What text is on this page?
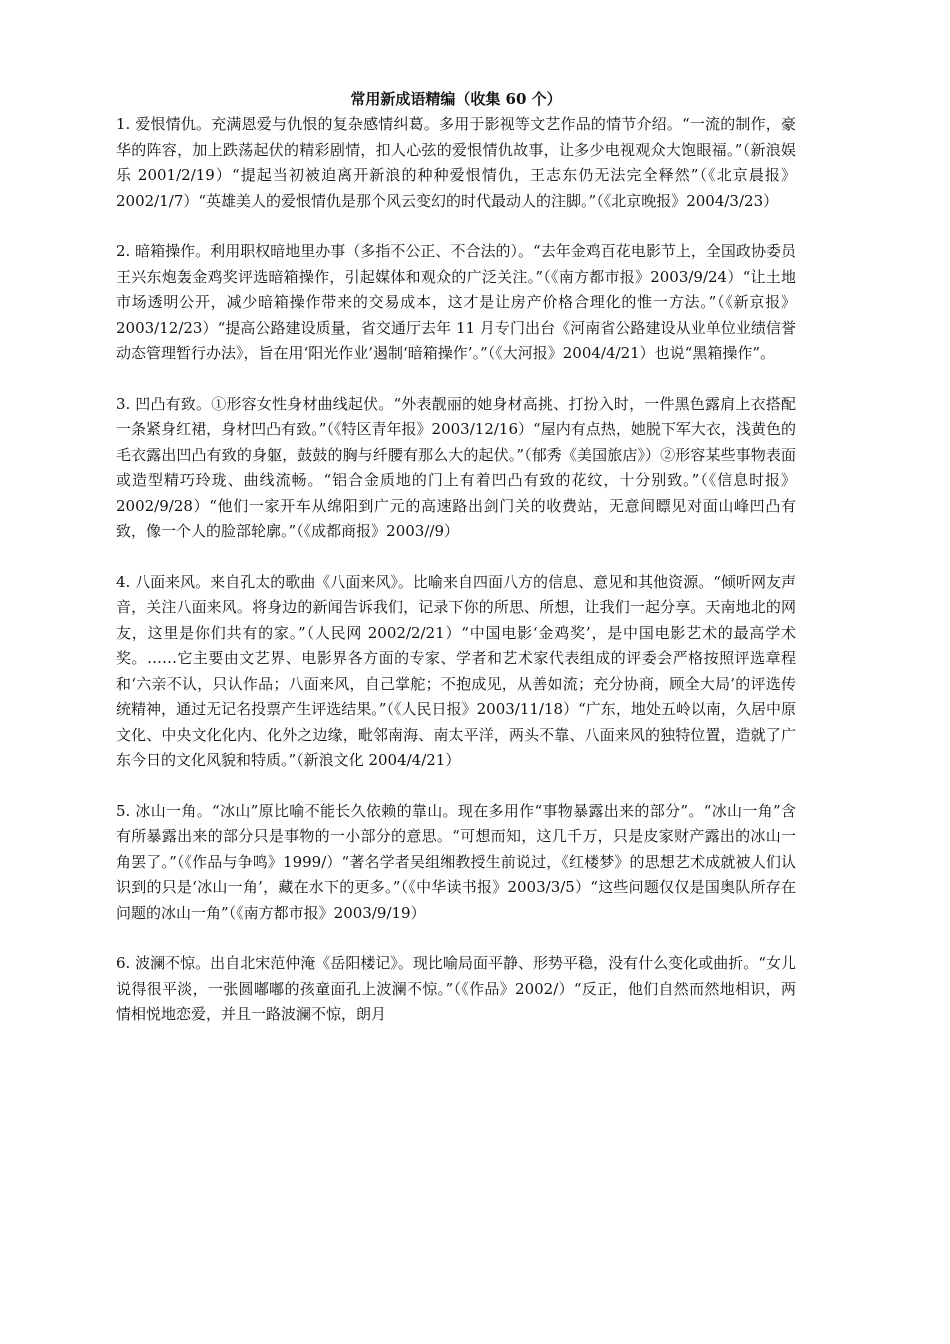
常用新成语精编（收集 60 个）

1. 爱恨情仇。充满恩爱与仇恨的复杂感情纠葛。多用于影视等文艺作品的情节介绍。“一流的制作，豪华的阵容，加上跌荡起伏的精彩剧情，扣人心弦的爱恨情仇故事，让多少电视观众大饱眼福。”（新浪娱乐 2001/2/19）“提起当初被迫离开新浪的种种爱恨情仇，王志东仍无法完全释然”（《北京晨报》2002/1/7）“英雄美人的爱恨情仇是那个风云变幻的时代最动人的注脚。”（《北京晚报》2004/3/23）

2. 暗箱操作。利用职权暗地里办事（多指不公正、不合法的）。“去年金鸡百花电影节上，全国政协委员王兴东炮轰金鸡奖评选暗箱操作，引起媒体和观众的广泛关注。”（《南方都市报》2003/9/24）“让土地市场透明公开，减少暗箱操作带来的交易成本，这才是让房产价格合理化的惟一方法。”（《新京报》2003/12/23）“提高公路建设质量，省交通厅去年 11 月专门出台《河南省公路建设从业单位业绩信誉动态管理暂行办法》，旨在用‘阳光作业’遏制‘暗箱操作’。”（《大河报》2004/4/21）也说“黑箱操作”。

3. 凹凸有致。①形容女性身材曲线起伏。“外表靓丽的她身材高挑、打扮入时，一件黑色露肩上衣搭配一条紧身红裙，身材凹凸有致。”（《特区青年报》2003/12/16）“屋内有点热，她脱下军大衣，浅黄色的毛衣露出凹凸有致的身躯，鼓鼓的胸与纤腰有那么大的起伏。”（郁秀《美国旅店》）②形容某些事物表面或造型精巧玲珑、曲线流畅。“铝合金质地的门上有着凹凸有致的花纹，十分别致。”（《信息时报》 2002/9/28）“他们一家开车从绵阳到广元的高速路出剑门关的收费站，无意间瞟见对面山峰凹凸有致，像一个人的脸部轮廓。”（《成都商报》2003//9）

4. 八面来风。来自孔太的歌曲《八面来风》。比喻来自四面八方的信息、意见和其他资源。“倾听网友声音，关注八面来风。将身边的新闻告诉我们，记录下你的所思、所想，让我们一起分享。天南地北的网友，这里是你们共有的家。”（人民网 2002/2/21）“中国电影‘金鸡奖’，是中国电影艺术的最高学术奖。……它主要由文艺界、电影界各方面的专家、学者和艺术家代表组成的评委会严格按照评选章程和‘六亲不认，只认作品；八面来风，自己掌舵；不抱成见，从善如流；充分协商，顾全大局’的评选传统精神，通过无记名投票产生评选结果。”（《人民日报》2003/11/18）“广东，地处五岭以南，久居中原文化、中央文化化内、化外之边缘，毗邻南海、南太平洋，两头不靠、八面来风的独特位置，造就了广东今日的文化风貌和特质。”（新浪文化 2004/4/21）

5. 冰山一角。“冰山”原比喻不能长久依赖的靠山。现在多用作“事物暴露出来的部分”。“冰山一角”含有所暴露出来的部分只是事物的一小部分的意思。“可想而知，这几千万，只是皮家财产露出的冰山一角罢了。”（《作品与争鸣》1999/）“著名学者吴组缃教授生前说过，《红楼梦》的思想艺术成就被人们认识到的只是‘冰山一角’，藏在水下的更多。”（《中华读书报》2003/3/5）“这些问题仅仅是国奥队所存在问题的冰山一角”（《南方都市报》2003/9/19）

6. 波澜不惊。出自北宋范仲淹《岳阳楼记》。现比喻局面平静、形势平稳，没有什么变化或曲折。“女儿说得很平淡，一张圆嘟嘟的孩童面孔上波澜不惊。”（《作品》2002/）“反正，他们自然而然地相识，两情相悦地恋爱，并且一路波澜不惊，朗月
